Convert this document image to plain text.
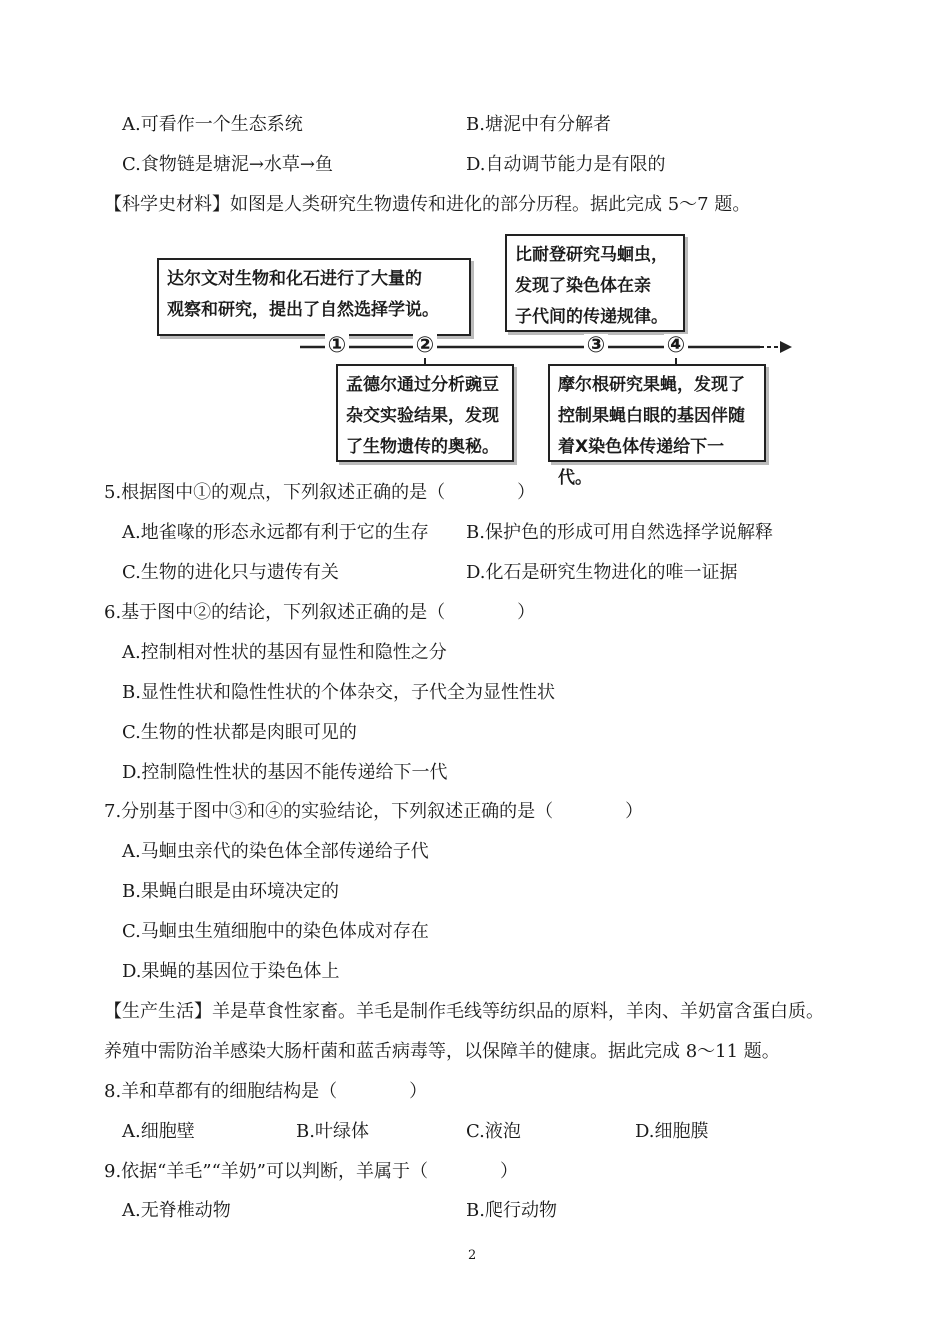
A.可看作一个生态系统	B.塘泥中有分解者
C.食物链是塘泥→水草→鱼	D.自动调节能力是有限的
【科学史材料】如图是人类研究生物遗传和进化的部分历程。据此完成 5～7 题。
达尔文对生物和化石进行了大量的
观察和研究，提出了自然选择学说。
孟德尔通过分析豌豆
杂交实验结果，发现
了生物遗传的奥秘。
比耐登研究马蛔虫，
发现了染色体在亲
子代间的传递规律。
摩尔根研究果蝇，发现了
控制果蝇白眼的基因伴随
着X染色体传递给下一代。
①	②	③	④
5.根据图中①的观点，下列叙述正确的是（　　　　）
A.地雀喙的形态永远都有利于它的生存 B.保护色的形成可用自然选择学说解释
C.生物的进化只与遗传有关	D.化石是研究生物进化的唯一证据
6.基于图中②的结论，下列叙述正确的是（　　　　）
A.控制相对性状的基因有显性和隐性之分
B.显性性状和隐性性状的个体杂交，子代全为显性性状
C.生物的性状都是肉眼可见的
D.控制隐性性状的基因不能传递给下一代
7.分别基于图中③和④的实验结论，下列叙述正确的是（　　　　）
A.马蛔虫亲代的染色体全部传递给子代
B.果蝇白眼是由环境决定的
C.马蛔虫生殖细胞中的染色体成对存在
D.果蝇的基因位于染色体上
【生产生活】羊是草食性家畜。羊毛是制作毛线等纺织品的原料，羊肉、羊奶富含蛋白质。
养殖中需防治羊感染大肠杆菌和蓝舌病毒等，以保障羊的健康。据此完成 8～11 题。
8.羊和草都有的细胞结构是（　　　　）
A.细胞壁	B.叶绿体	C.液泡	D.细胞膜
9.依据“羊毛”“羊奶”可以判断，羊属于（　　　　）
A.无脊椎动物	B.爬行动物
2
